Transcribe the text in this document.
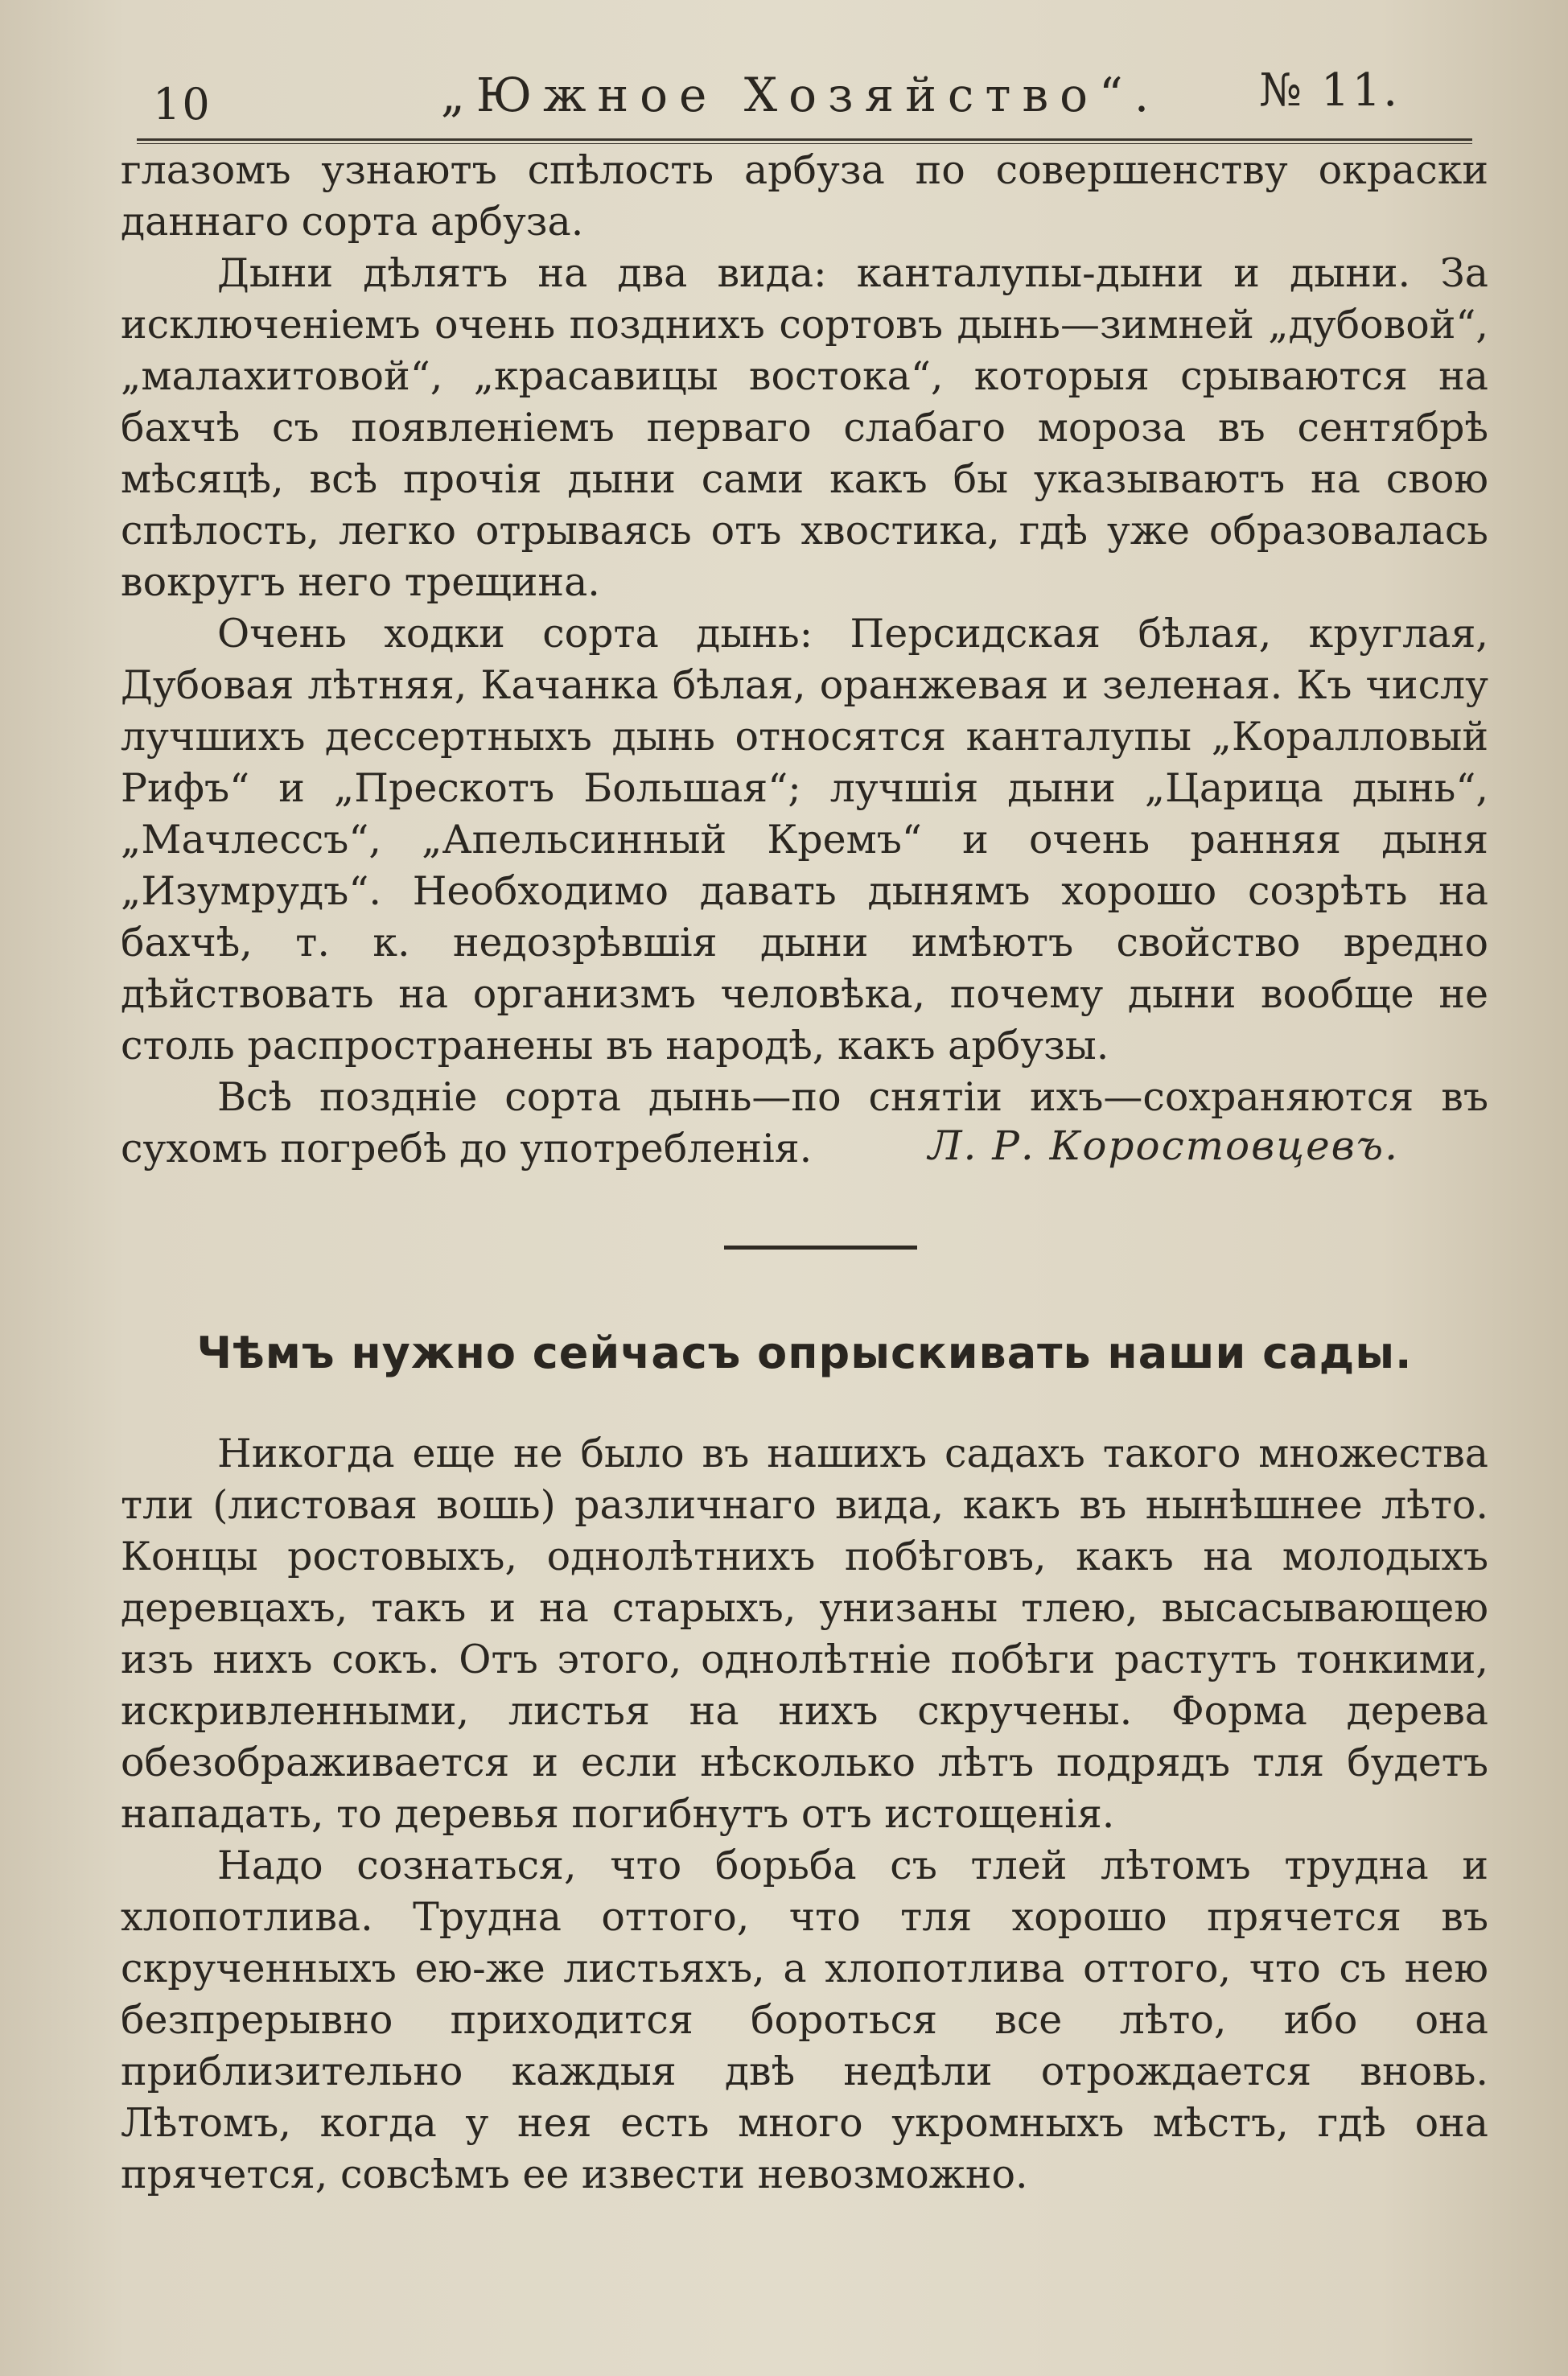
10	„Южное Хозяйство“.	№ 11.

глазомъ узнаютъ спѣлость арбуза по совершенству окраски даннаго сорта арбуза.

Дыни дѣлятъ на два вида: канталупы-дыни и дыни. За исключеніемъ очень позднихъ сортовъ дынь—зимней „дубовой“, „малахитовой“, „красавицы востока“, которыя срываются на бахчѣ съ появленіемъ перваго слабаго мороза въ сентябрѣ мѣсяцѣ, всѣ прочія дыни сами какъ бы указываютъ на свою спѣлость, легко отрываясь отъ хвостика, гдѣ уже образовалась вокругъ него трещина.

Очень ходки сорта дынь: Персидская бѣлая, круглая, Дубовая лѣтняя, Качанка бѣлая, оранжевая и зеленая. Къ числу лучшихъ дессертныхъ дынь относятся канталупы „Коралловый Рифъ“ и „Прескотъ Большая“; лучшія дыни „Царица дынь“, „Мачлессъ“, „Апельсинный Кремъ“ и очень ранняя дыня „Изумрудъ“. Необходимо давать дынямъ хорошо созрѣть на бахчѣ, т. к. недозрѣвшія дыни имѣютъ свойство вредно дѣйствовать на организмъ человѣка, почему дыни вообще не столь распространены въ народѣ, какъ арбузы.

Всѣ поздніе сорта дынь—по снятіи ихъ—сохраняются въ сухомъ погребѣ до употребленія.	Л. Р. Коростовцевъ.
Чѣмъ нужно сейчасъ опрыскивать наши сады.

Никогда еще не было въ нашихъ садахъ такого множества тли (листовая вошь) различнаго вида, какъ въ нынѣшнее лѣто. Концы ростовыхъ, однолѣтнихъ побѣговъ, какъ на молодыхъ деревцахъ, такъ и на старыхъ, унизаны тлею, высасывающею изъ нихъ сокъ. Отъ этого, однолѣтніе побѣги растутъ тонкими, искривленными, листья на нихъ скручены. Форма дерева обезображивается и если нѣсколько лѣтъ подрядъ тля будетъ нападать, то деревья погибнутъ отъ истощенія.

Надо сознаться, что борьба съ тлей лѣтомъ трудна и хлопотлива. Трудна оттого, что тля хорошо прячется въ скрученныхъ ею-же листьяхъ, а хлопотлива оттого, что съ нею безпрерывно приходится бороться все лѣто, ибо она приблизительно каждыя двѣ недѣли отрождается вновь. Лѣтомъ, когда у нея есть много укромныхъ мѣстъ, гдѣ она прячется, совсѣмъ ее извести невозможно.
